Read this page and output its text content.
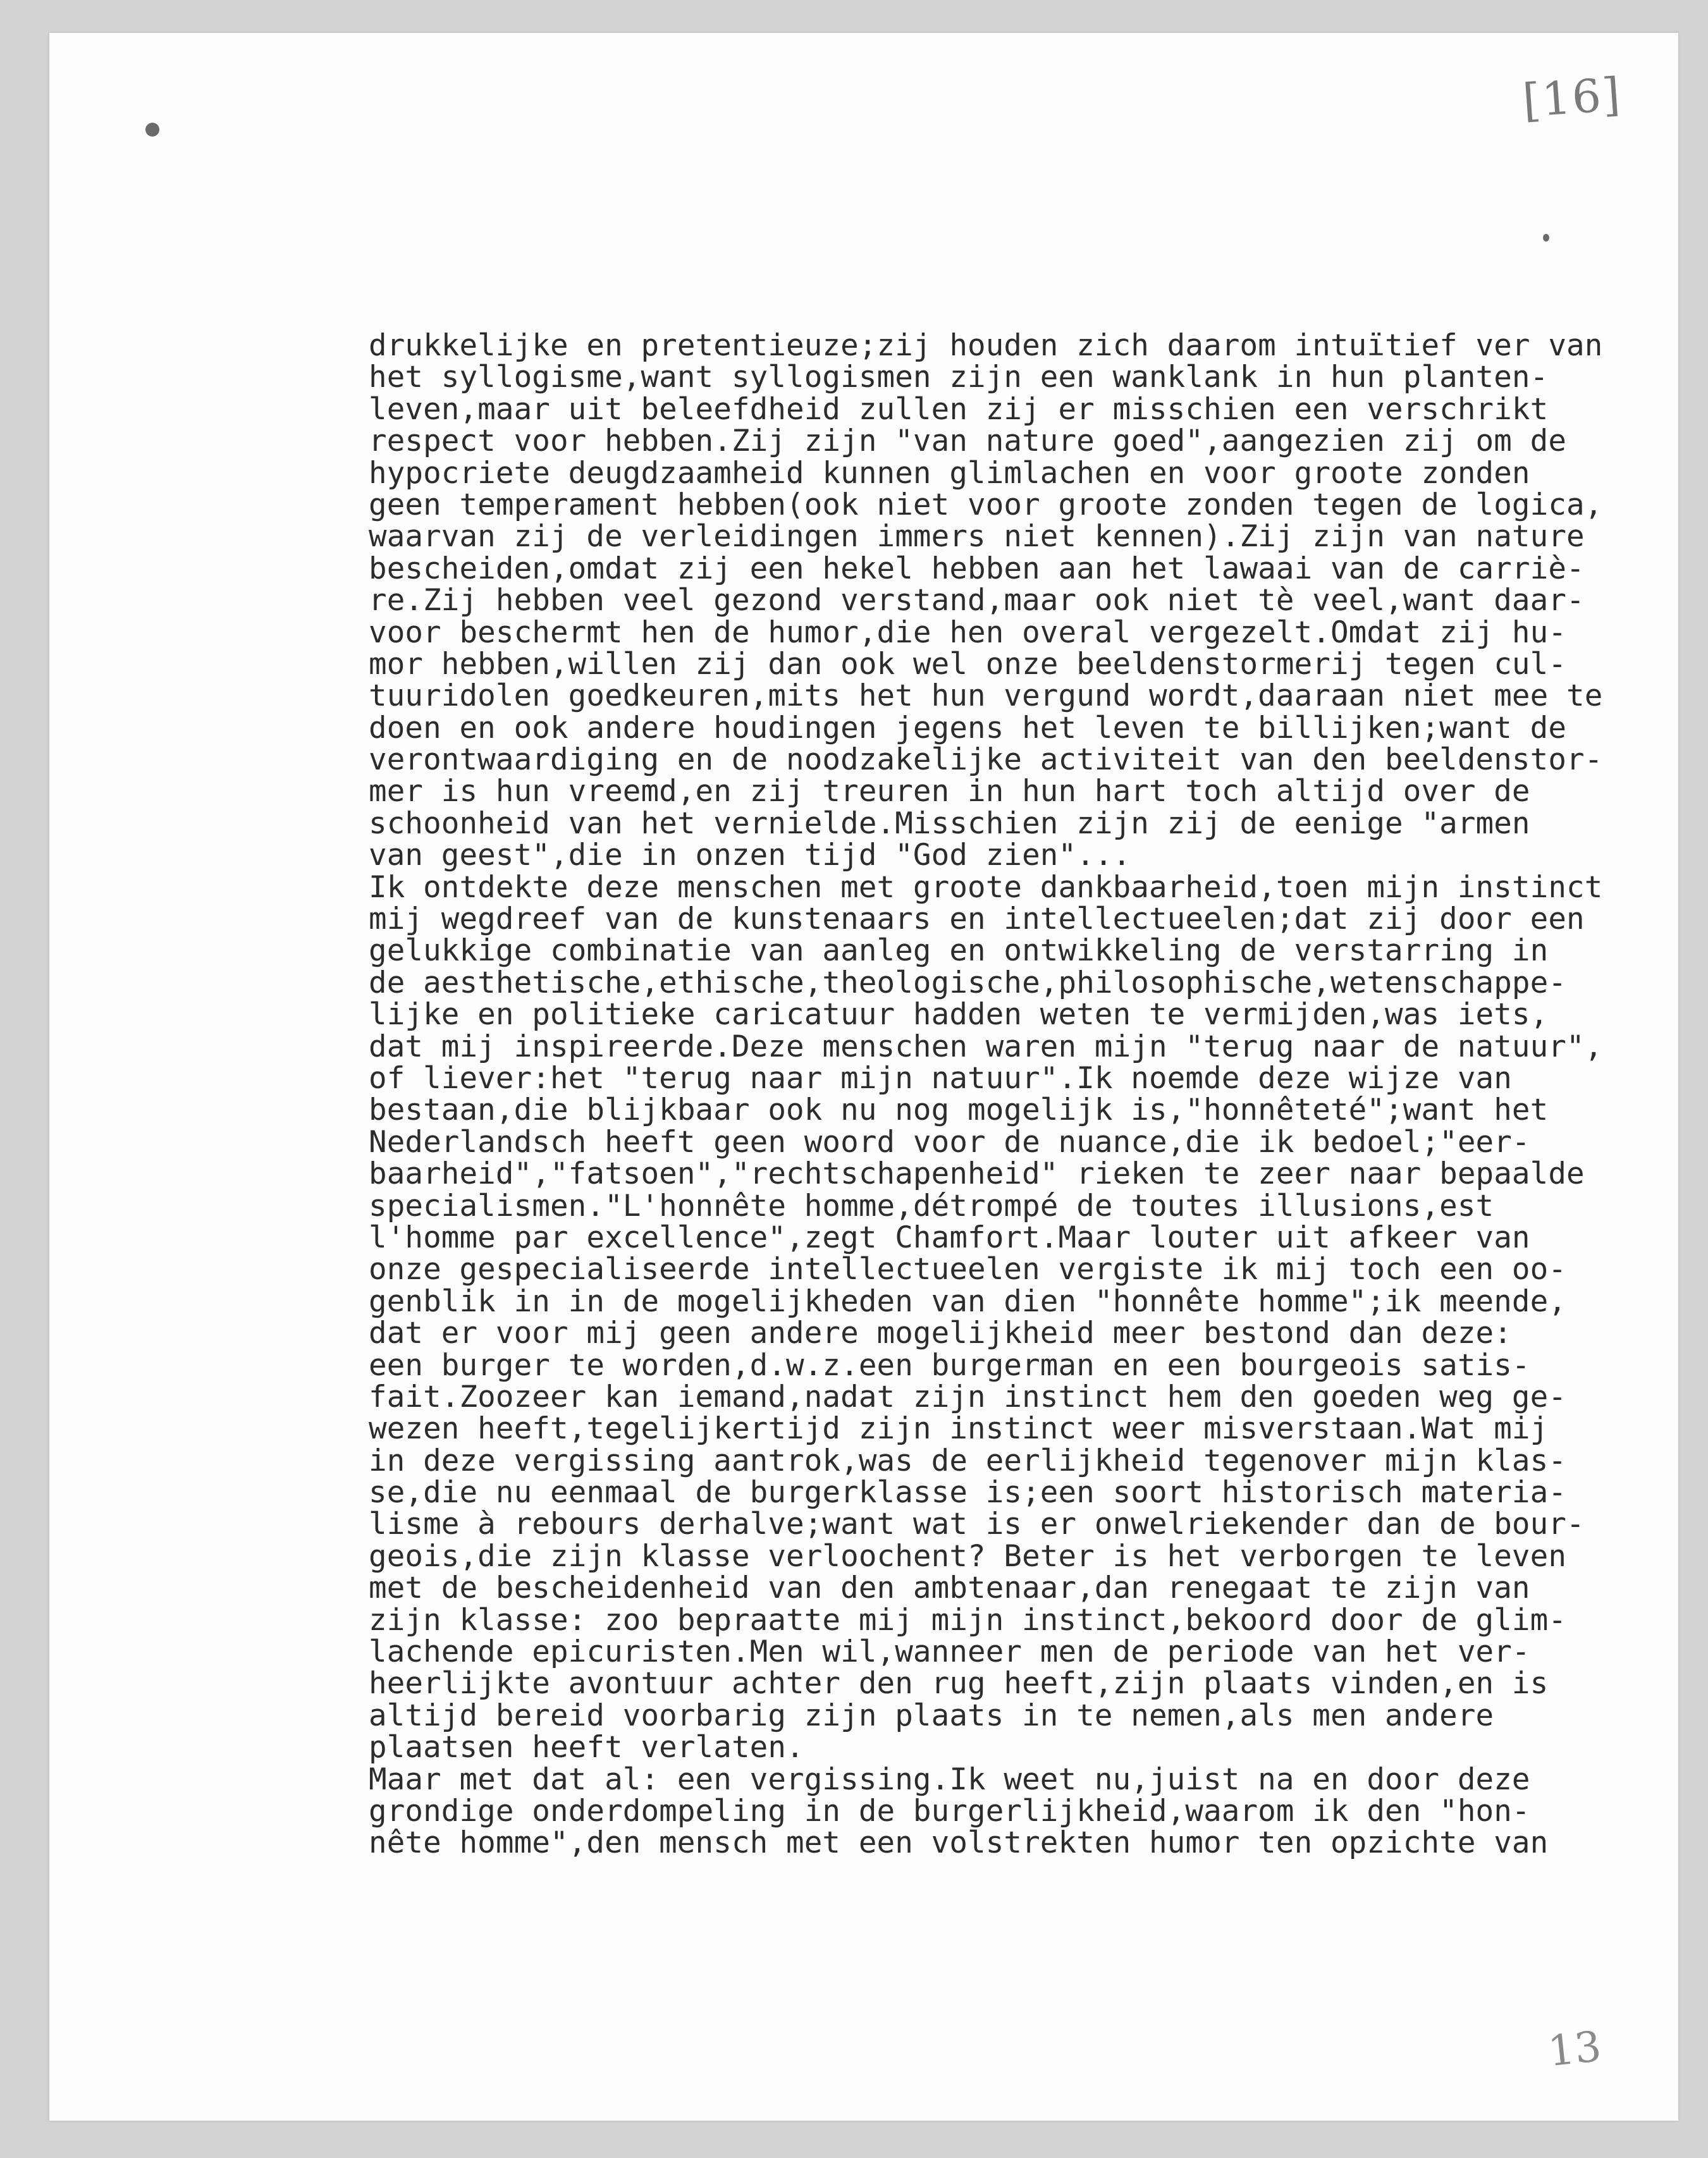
[16]
drukkelijke en pretentieuze;zij houden zich daarom intuïtief ver van
het syllogisme,want syllogismen zijn een wanklank in hun planten-
leven,maar uit beleefdheid zullen zij er misschien een verschrikt
respect voor hebben.Zij zijn "van nature goed",aangezien zij om de
hypocriete deugdzaamheid kunnen glimlachen en voor groote zonden
geen temperament hebben(ook niet voor groote zonden tegen de logica,
waarvan zij de verleidingen immers niet kennen).Zij zijn van nature
bescheiden,omdat zij een hekel hebben aan het lawaai van de carriè-
re.Zij hebben veel gezond verstand,maar ook niet tè veel,want daar-
voor beschermt hen de humor,die hen overal vergezelt.Omdat zij hu-
mor hebben,willen zij dan ook wel onze beeldenstormerij tegen cul-
tuuridolen goedkeuren,mits het hun vergund wordt,daaraan niet mee te
doen en ook andere houdingen jegens het leven te billijken;want de
verontwaardiging en de noodzakelijke activiteit van den beeldenstor-
mer is hun vreemd,en zij treuren in hun hart toch altijd over de
schoonheid van het vernielde.Misschien zijn zij de eenige "armen
van geest",die in onzen tijd "God zien"...
Ik ontdekte deze menschen met groote dankbaarheid,toen mijn instinct
mij wegdreef van de kunstenaars en intellectueelen;dat zij door een
gelukkige combinatie van aanleg en ontwikkeling de verstarring in
de aesthetische,ethische,theologische,philosophische,wetenschappe-
lijke en politieke caricatuur hadden weten te vermijden,was iets,
dat mij inspireerde.Deze menschen waren mijn "terug naar de natuur",
of liever:het "terug naar mijn natuur".Ik noemde deze wijze van
bestaan,die blijkbaar ook nu nog mogelijk is,"honnêteté";want het
Nederlandsch heeft geen woord voor de nuance,die ik bedoel;"eer-
baarheid","fatsoen","rechtschapenheid" rieken te zeer naar bepaalde
specialismen."L'honnête homme,détrompé de toutes illusions,est
l'homme par excellence",zegt Chamfort.Maar louter uit afkeer van
onze gespecialiseerde intellectueelen vergiste ik mij toch een oo-
genblik in in de mogelijkheden van dien "honnête homme";ik meende,
dat er voor mij geen andere mogelijkheid meer bestond dan deze:
een burger te worden,d.w.z.een burgerman en een bourgeois satis-
fait.Zoozeer kan iemand,nadat zijn instinct hem den goeden weg ge-
wezen heeft,tegelijkertijd zijn instinct weer misverstaan.Wat mij
in deze vergissing aantrok,was de eerlijkheid tegenover mijn klas-
se,die nu eenmaal de burgerklasse is;een soort historisch materia-
lisme à rebours derhalve;want wat is er onwelriekender dan de bour-
geois,die zijn klasse verloochent? Beter is het verborgen te leven
met de bescheidenheid van den ambtenaar,dan renegaat te zijn van
zijn klasse: zoo bepraatte mij mijn instinct,bekoord door de glim-
lachende epicuristen.Men wil,wanneer men de periode van het ver-
heerlijkte avontuur achter den rug heeft,zijn plaats vinden,en is
altijd bereid voorbarig zijn plaats in te nemen,als men andere
plaatsen heeft verlaten.
Maar met dat al: een vergissing.Ik weet nu,juist na en door deze
grondige onderdompeling in de burgerlijkheid,waarom ik den "hon-
nête homme",den mensch met een volstrekten humor ten opzichte van
13
